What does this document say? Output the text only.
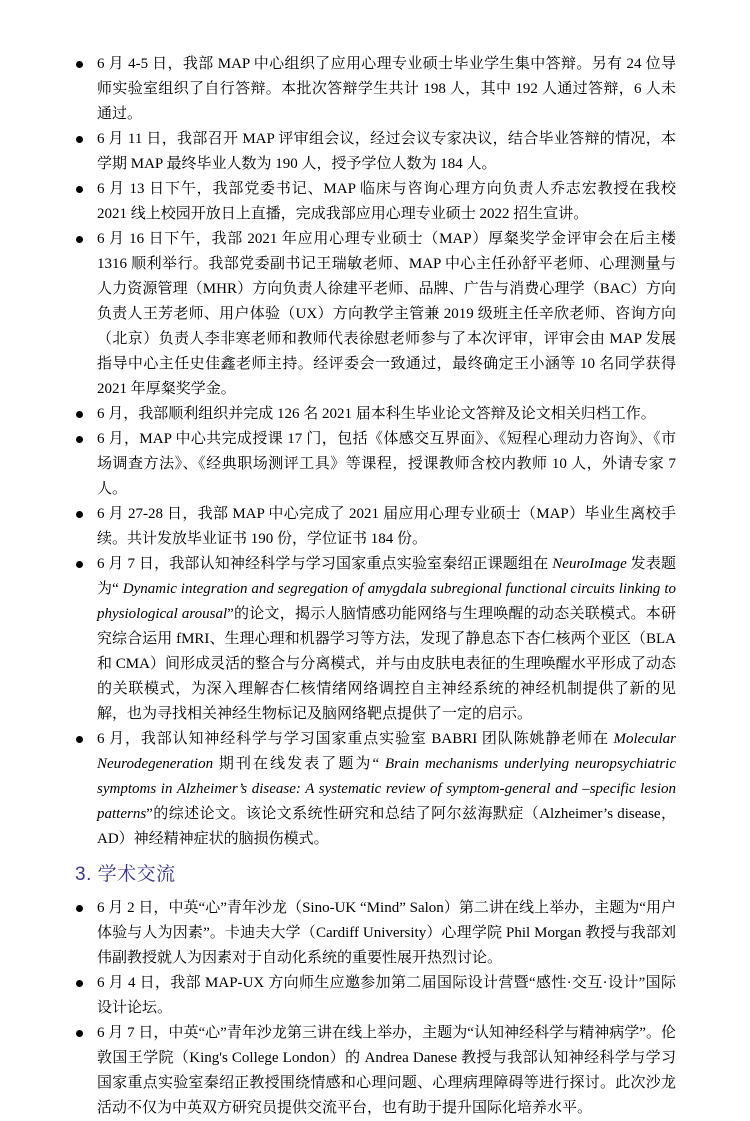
6 月 4-5 日，我部 MAP 中心组织了应用心理专业硕士毕业学生集中答辩。另有 24 位导师实验室组织了自行答辩。本批次答辩学生共计 198 人，其中 192 人通过答辩，6 人未通过。
6 月 11 日，我部召开 MAP 评审组会议，经过会议专家决议，结合毕业答辩的情况，本学期 MAP 最终毕业人数为 190 人，授予学位人数为 184 人。
6 月 13 日下午，我部党委书记、MAP 临床与咨询心理方向负责人乔志宏教授在我校 2021 线上校园开放日上直播，完成我部应用心理专业硕士 2022 招生宣讲。
6 月 16 日下午，我部 2021 年应用心理专业硕士（MAP）厚粲奖学金评审会在后主楼 1316 顺利举行。我部党委副书记王瑞敏老师、MAP 中心主任孙舒平老师、心理测量与人力资源管理（MHR）方向负责人徐建平老师、品牌、广告与消费心理学（BAC）方向负责人王芳老师、用户体验（UX）方向教学主管兼 2019 级班主任辛欣老师、咨询方向（北京）负责人李非寒老师和教师代表徐慰老师参与了本次评审，评审会由 MAP 发展指导中心主任史佳鑫老师主持。经评委会一致通过，最终确定王小涵等 10 名同学获得 2021 年厚粲奖学金。
6 月，我部顺利组织并完成 126 名 2021 届本科生毕业论文答辩及论文相关归档工作。
6 月，MAP 中心共完成授课 17 门，包括《体感交互界面》、《短程心理动力咨询》、《市场调查方法》、《经典职场测评工具》等课程，授课教师含校内教师 10 人，外请专家 7 人。
6 月 27-28 日，我部 MAP 中心完成了 2021 届应用心理专业硕士（MAP）毕业生离校手续。共计发放毕业证书 190 份，学位证书 184 份。
6 月 7 日，我部认知神经科学与学习国家重点实验室秦绍正课题组在 NeuroImage 发表题为“ Dynamic integration and segregation of amygdala subregional functional circuits linking to physiological arousal”的论文，揭示人脑情感功能网络与生理唤醒的动态关联模式。本研究综合运用 fMRI、生理心理和机器学习等方法，发现了静息态下杏仁核两个亚区（BLA 和 CMA）间形成灵活的整合与分离模式，并与由皮肤电表征的生理唤醒水平形成了动态的关联模式，为深入理解杏仁核情绪网络调控自主神经系统的神经机制提供了新的见解，也为寻找相关神经生物标记及脑网络靶点提供了一定的启示。
6 月，我部认知神经科学与学习国家重点实验室 BABRI 团队陈姚静老师在 Molecular Neurodegeneration 期刊在线发表了题为“ Brain mechanisms underlying neuropsychiatric symptoms in Alzheimer’s disease: A systematic review of symptom-general and –specific lesion patterns”的综述论文。该论文系统性研究和总结了阿尔兹海默症（Alzheimer’s disease，AD）神经精神症状的脑损伤模式。
3. 学术交流
6 月 2 日，中英“心”青年沙龙（Sino-UK “Mind” Salon）第二讲在线上举办，主题为“用户体验与人为因素”。卡迪夫大学（Cardiff University）心理学院 Phil Morgan 教授与我部刘伟副教授就人为因素对于自动化系统的重要性展开热烈讨论。
6 月 4 日，我部 MAP-UX 方向师生应邀参加第二届国际设计营暨“感性·交互·设计”国际设计论坛。
6 月 7 日，中英“心”青年沙龙第三讲在线上举办，主题为“认知神经科学与精神病学”。伦敦国王学院（King's College London）的 Andrea Danese 教授与我部认知神经科学与学习国家重点实验室秦绍正教授围绕情感和心理问题、心理病理障碍等进行探讨。此次沙龙活动不仅为中英双方研究员提供交流平台，也有助于提升国际化培养水平。
